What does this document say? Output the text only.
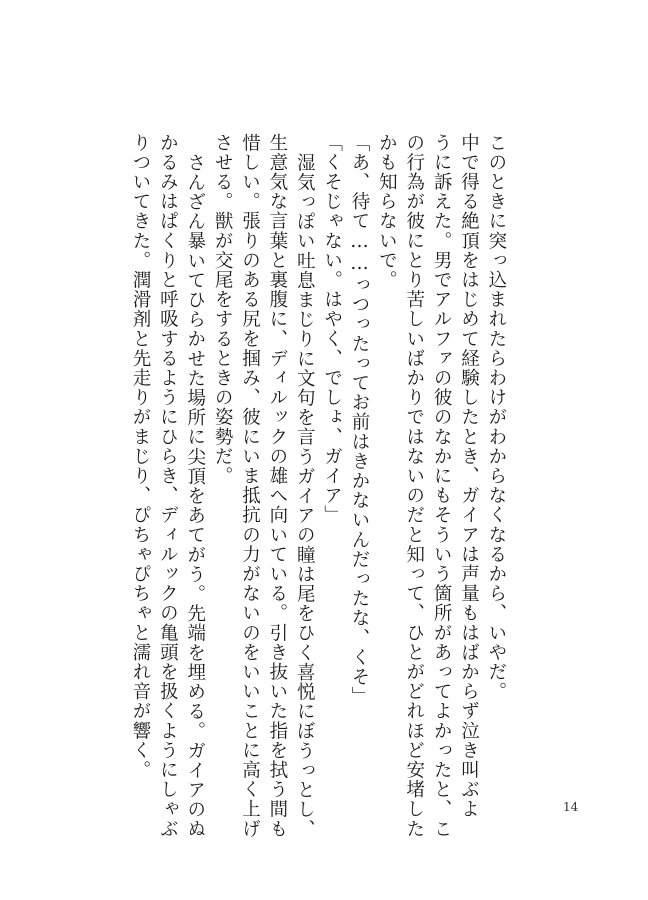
このときに突っ込まれたらわけがわからなくなるから、いやだ。
中で得る絶頂をはじめて経験したとき、ガイアは声量もはばからず泣き叫ぶよ
うに訴えた。男でアルファの彼のなかにもそういう箇所があってよかったと、こ
の行為が彼にとり苦しいばかりではないのだと知って、ひとがどれほど安堵した
かも知らないで。
「あ、待て……っつったってお前はきかないんだったな、くそ」
「くそじゃない。はやく、でしょ、ガイア」
湿気っぽい吐息まじりに文句を言うガイアの瞳は尾をひく喜悦にぼうっとし、
生意気な言葉と裏腹に、ディルックの雄へ向いている。引き抜いた指を拭う間も
惜しい。張りのある尻を掴み、彼にいま抵抗の力がないのをいいことに高く上げ
させる。獣が交尾をするときの姿勢だ。
さんざん暴いてひらかせた場所に尖頂をあてがう。先端を埋める。ガイアのぬ
かるみはぱくりと呼吸するようにひらき、ディルックの亀頭を扱くようにしゃぶ
りついてきた。潤滑剤と先走りがまじり、ぴちゃぴちゃと濡れ音が響く。
14
